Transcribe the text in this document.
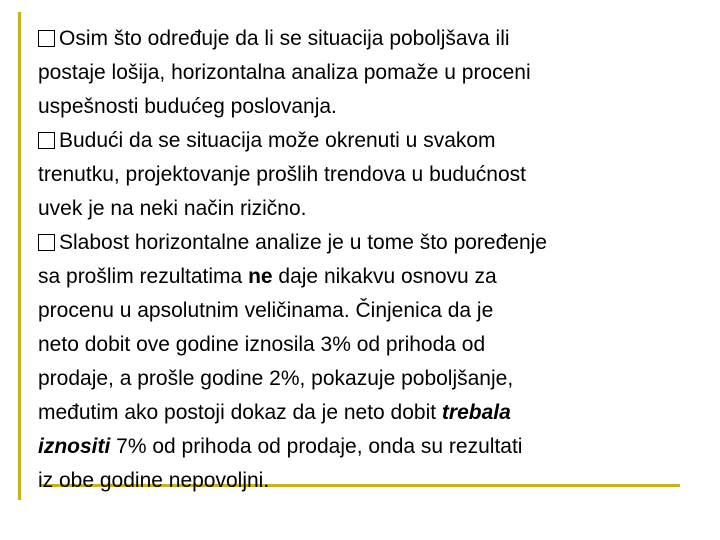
Osim što određuje da li se situacija poboljšava ili
postaje lošija, horizontalna analiza pomaže u proceni
uspešnosti budućeg poslovanja.
Budući da se situacija može okrenuti u svakom
trenutku, projektovanje prošlih trendova u budućnost
uvek je na neki način rizično.
Slabost horizontalne analize je u tome što poređenje
sa prošlim rezultatima ne daje nikakvu osnovu za
procenu u apsolutnim veličinama. Činjenica da je
neto dobit ove godine iznosila 3% od prihoda od
prodaje, a prošle godine 2%, pokazuje poboljšanje,
međutim ako postoji dokaz da je neto dobit trebala
iznositi 7% od prihoda od prodaje, onda su rezultati
iz obe godine nepovoljni.
